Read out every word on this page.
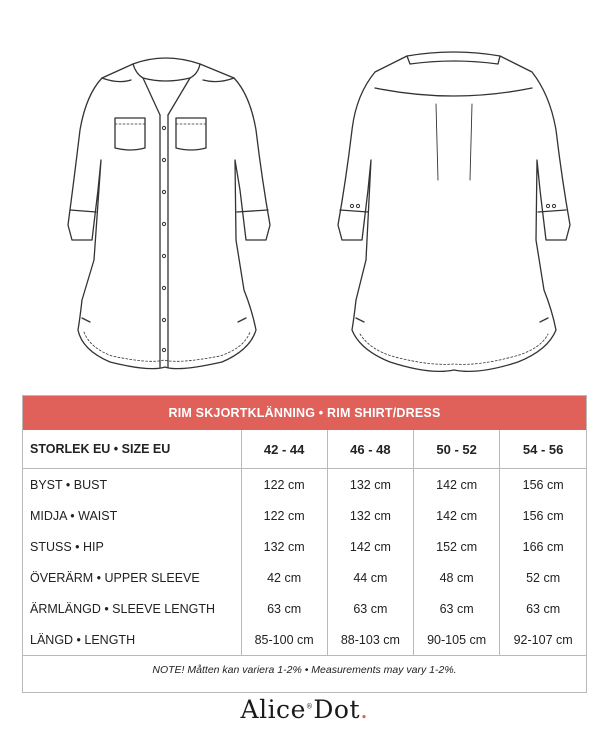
RIM SKJORTKLÄNNING • RIM SHIRT/DRESS				
STORLEK EU • SIZE EU	42 - 44	46 - 48	50 - 52	54 - 56
BYST • BUST	122 cm	132 cm	142 cm	156 cm
MIDJA • WAIST	122 cm	132 cm	142 cm	156 cm
STUSS • HIP	132 cm	142 cm	152 cm	166 cm
ÖVERÄRM • UPPER SLEEVE	42 cm	44 cm	48 cm	52 cm
ÄRMLÄNGD • SLEEVE LENGTH	63 cm	63 cm	63 cm	63 cm
LÄNGD • LENGTH	85-100 cm	88-103 cm	90-105 cm	92-107 cm
NOTE! Måtten kan variera 1-2% • Measurements may vary 1-2%.				
Alice®Dot.
